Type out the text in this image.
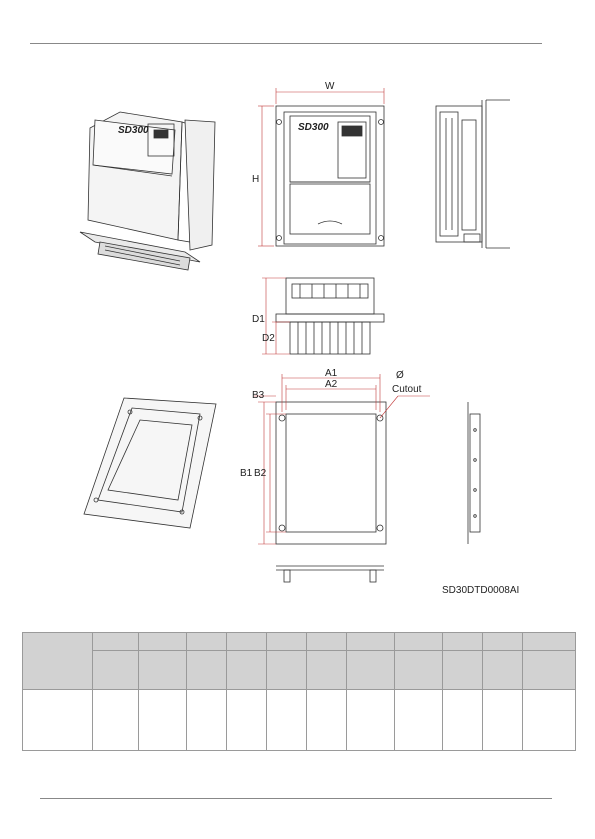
SD300	SD300
W
H
D1
D2
A1
A2
B3
B1 B2
Ø
Cutout
SD30DTD0008AI
